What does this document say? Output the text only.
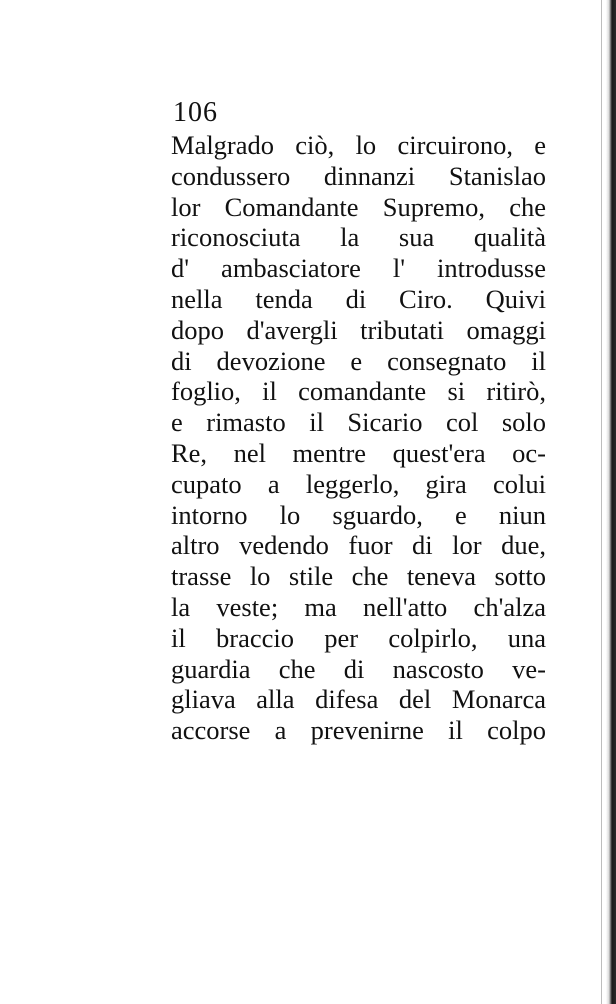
106
Malgrado ciò, lo circuirono, e
condussero dinnanzi Stanislao
lor Comandante Supremo, che
riconosciuta la sua qualità
d' ambasciatore l' introdusse
nella tenda di Ciro. Quivi
dopo d'avergli tributati omaggi
di devozione e consegnato il
foglio, il comandante si ritirò,
e rimasto il Sicario col solo
Re, nel mentre quest'era oc-
cupato a leggerlo, gira colui
intorno lo sguardo, e niun
altro vedendo fuor di lor due,
trasse lo stile che teneva sotto
la veste; ma nell'atto ch'alza
il braccio per colpirlo, una
guardia che di nascosto ve-
gliava alla difesa del Monarca
accorse a prevenirne il colpo
